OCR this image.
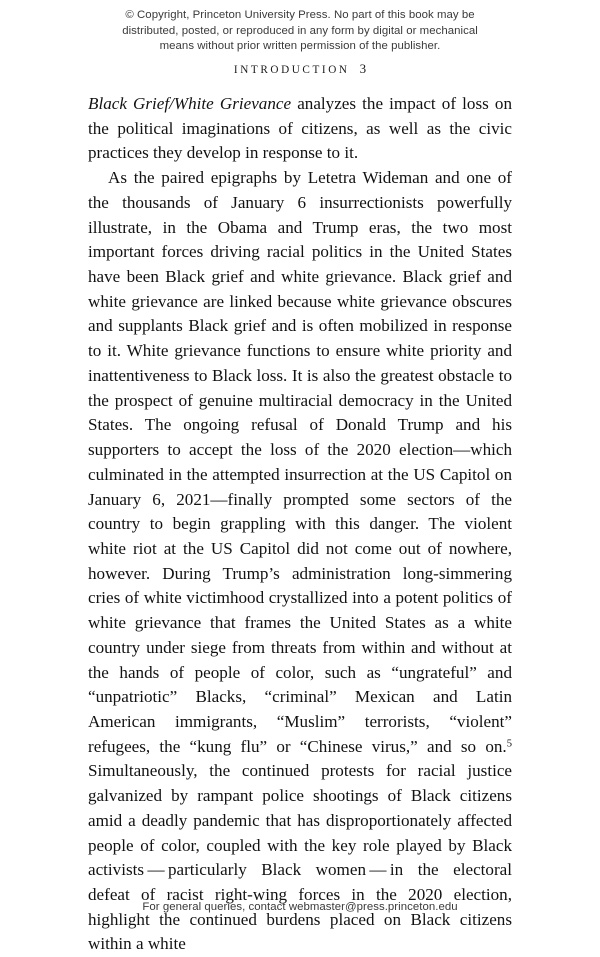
© Copyright, Princeton University Press. No part of this book may be
distributed, posted, or reproduced in any form by digital or mechanical
means without prior written permission of the publisher.
INTRODUCTION 3

Black Grief/White Grievance analyzes the impact of loss on the political imaginations of citizens, as well as the civic practices they develop in response to it.

As the paired epigraphs by Letetra Wideman and one of the thousands of January 6 insurrectionists powerfully illustrate, in the Obama and Trump eras, the two most important forces driving racial politics in the United States have been Black grief and white grievance. Black grief and white grievance are linked because white grievance obscures and supplants Black grief and is often mobilized in response to it. White grievance functions to ensure white priority and inattentiveness to Black loss. It is also the greatest obstacle to the prospect of genuine multiracial democracy in the United States. The ongoing refusal of Donald Trump and his supporters to accept the loss of the 2020 election—which culminated in the attempted insurrection at the US Capitol on January 6, 2021—finally prompted some sectors of the country to begin grappling with this danger. The violent white riot at the US Capitol did not come out of nowhere, however. During Trump’s administration long-simmering cries of white victimhood crystallized into a potent politics of white grievance that frames the United States as a white country under siege from threats from within and without at the hands of people of color, such as “ungrateful” and “unpatriotic” Blacks, “criminal” Mexican and Latin American immigrants, “Muslim” terrorists, “violent” refugees, the “kung flu” or “Chinese virus,” and so on.$^5$ Simultaneously, the continued protests for racial justice galvanized by rampant police shootings of Black citizens amid a deadly pandemic that has disproportionately affected people of color, coupled with the key role played by Black activists — particularly Black women — in the electoral defeat of racist right-wing forces in the 2020 election, highlight the continued burdens placed on Black citizens within a white

For general queries, contact webmaster@press.princeton.edu
